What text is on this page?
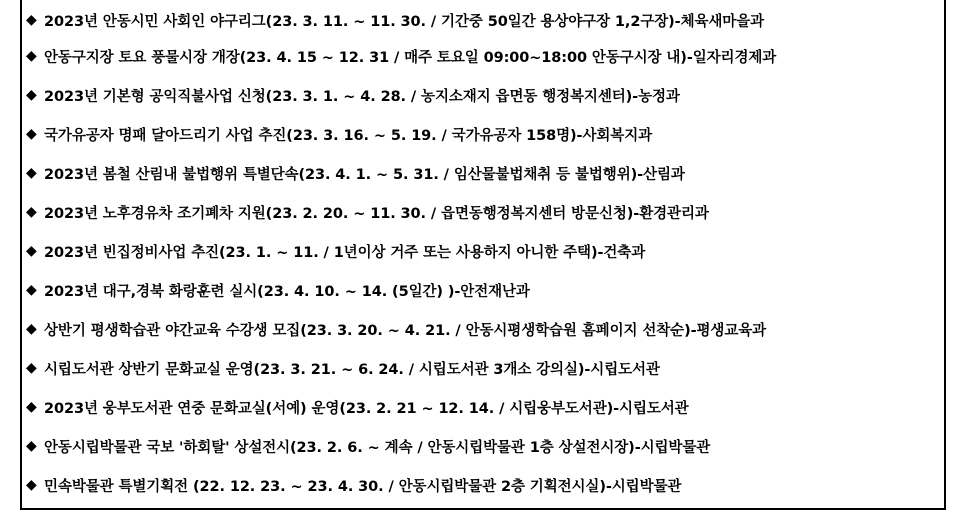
◆ 2023년 안동시민 사회인 야구리그(23. 3. 11. ~ 11. 30. / 기간중 50일간 용상야구장 1,2구장)-체육새마을과
◆ 안동구지장 토요 풍물시장 개장(23. 4. 15 ~ 12. 31 / 매주 토요일 09:00~18:00 안동구시장 내)-일자리경제과
◆ 2023년 기본형 공익직불사업 신청(23. 3. 1. ~ 4. 28. / 농지소재지 읍면동 행정복지센터)-농정과
◆ 국가유공자 명패 달아드리기 사업 추진(23. 3. 16. ~ 5. 19. / 국가유공자 158명)-사회복지과
◆ 2023년 봄철 산림내 불법행위 특별단속(23. 4. 1. ~ 5. 31. / 임산물불법채취 등 불법행위)-산림과
◆ 2023년 노후경유차 조기폐차 지원(23. 2. 20. ~ 11. 30. / 읍면동행정복지센터 방문신청)-환경관리과
◆ 2023년 빈집정비사업 추진(23. 1. ~ 11. / 1년이상 거주 또는 사용하지 아니한 주택)-건축과
◆ 2023년 대구,경북 화랑훈련 실시(23. 4. 10. ~ 14. (5일간) )-안전재난과
◆ 상반기 평생학습관 야간교육 수강생 모집(23. 3. 20. ~ 4. 21. / 안동시평생학습원 홈페이지 선착순)-평생교육과
◆ 시립도서관 상반기 문화교실 운영(23. 3. 21. ~ 6. 24. / 시립도서관 3개소 강의실)-시립도서관
◆ 2023년 웅부도서관 연중 문화교실(서예) 운영(23. 2. 21 ~ 12. 14. / 시립웅부도서관)-시립도서관
◆ 안동시립박물관 국보 '하회탈' 상설전시(23. 2. 6. ~ 계속 / 안동시립박물관 1층 상설전시장)-시립박물관
◆ 민속박물관 특별기획전 (22. 12. 23. ~ 23. 4. 30. / 안동시립박물관 2층 기획전시실)-시립박물관
